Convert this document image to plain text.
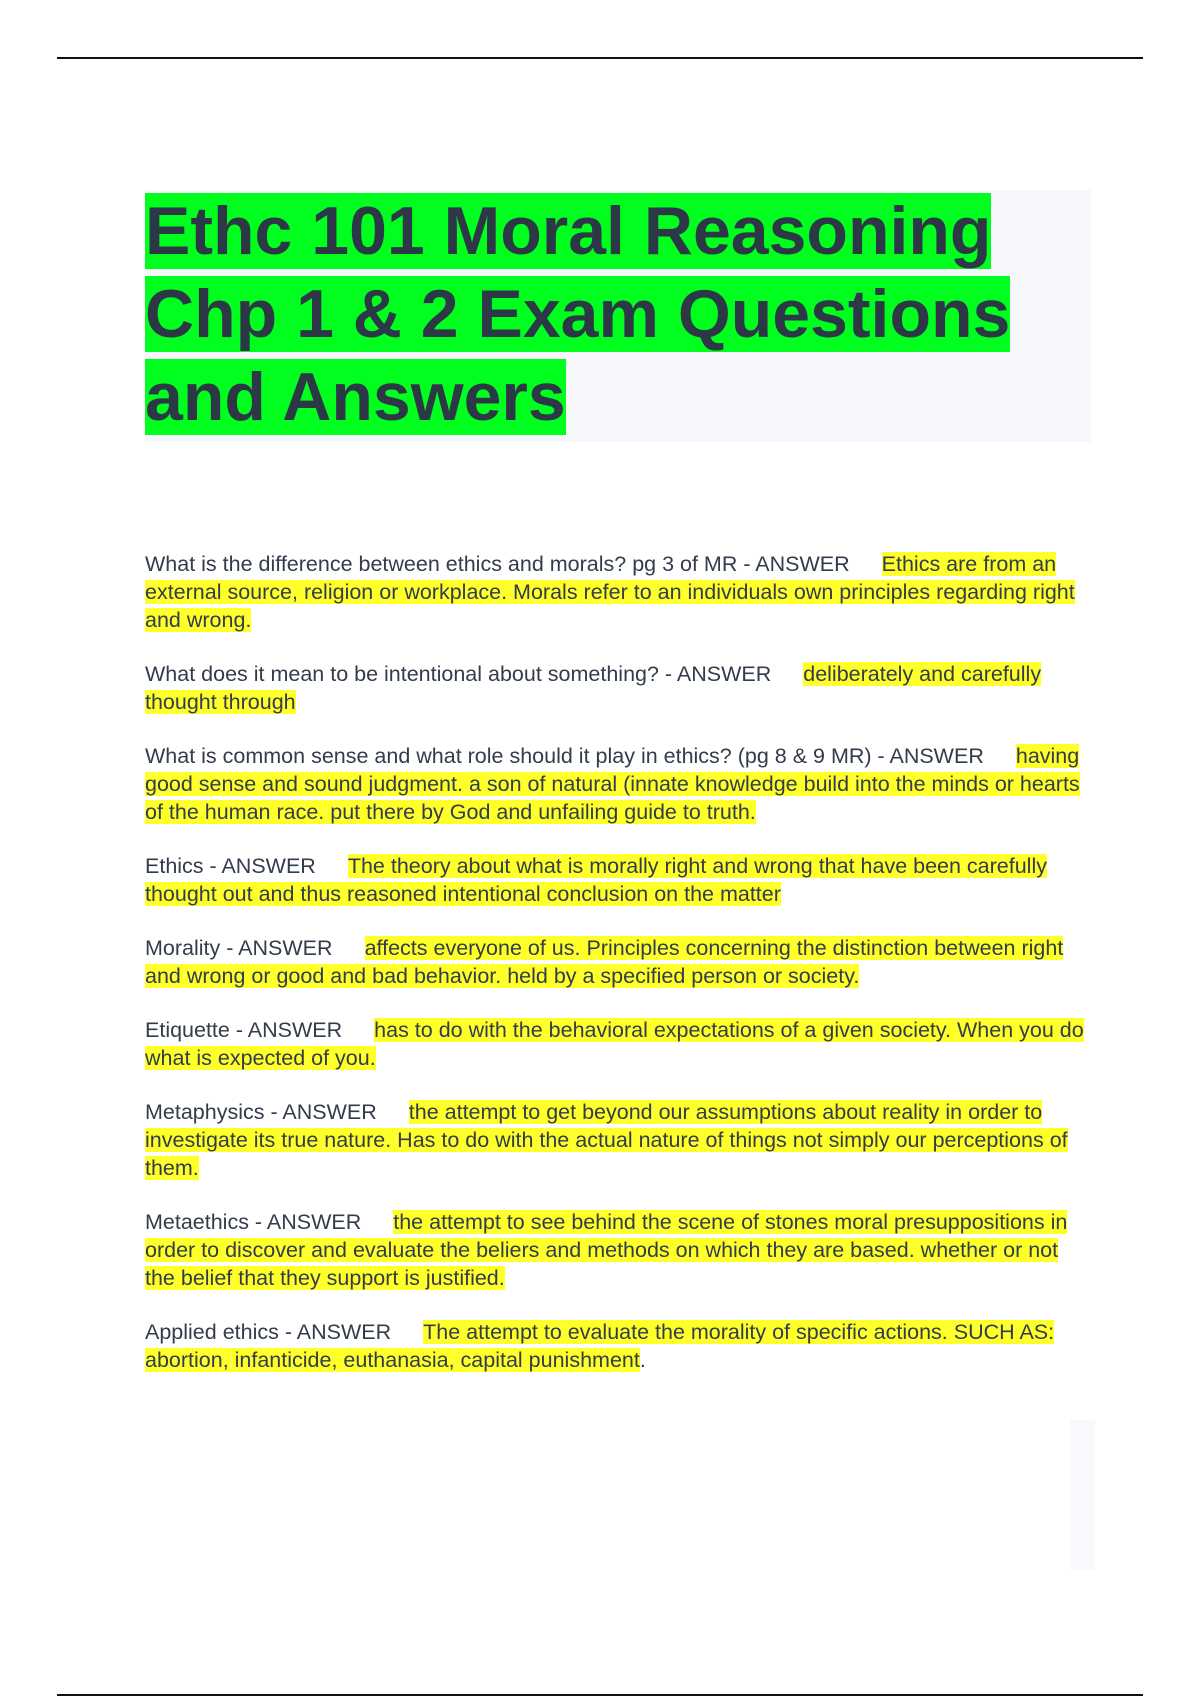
Ethc 101 Moral Reasoning Chp 1 & 2 Exam Questions and Answers

What is the difference between ethics and morals? pg 3 of MR - ANSWER Ethics are from an external source, religion or workplace. Morals refer to an individuals own principles regarding right and wrong.

What does it mean to be intentional about something? - ANSWER deliberately and carefully thought through

What is common sense and what role should it play in ethics? (pg 8 & 9 MR) - ANSWER having good sense and sound judgment. a son of natural (innate knowledge build into the minds or hearts of the human race. put there by God and unfailing guide to truth.

Ethics - ANSWER The theory about what is morally right and wrong that have been carefully thought out and thus reasoned intentional conclusion on the matter

Morality - ANSWER affects everyone of us. Principles concerning the distinction between right and wrong or good and bad behavior. held by a specified person or society.

Etiquette - ANSWER has to do with the behavioral expectations of a given society. When you do what is expected of you.

Metaphysics - ANSWER the attempt to get beyond our assumptions about reality in order to investigate its true nature. Has to do with the actual nature of things not simply our perceptions of them.

Metaethics - ANSWER the attempt to see behind the scene of stones moral presuppositions in order to discover and evaluate the beliers and methods on which they are based. whether or not the belief that they support is justified.

Applied ethics - ANSWER The attempt to evaluate the morality of specific actions. SUCH AS: abortion, infanticide, euthanasia, capital punishment.
